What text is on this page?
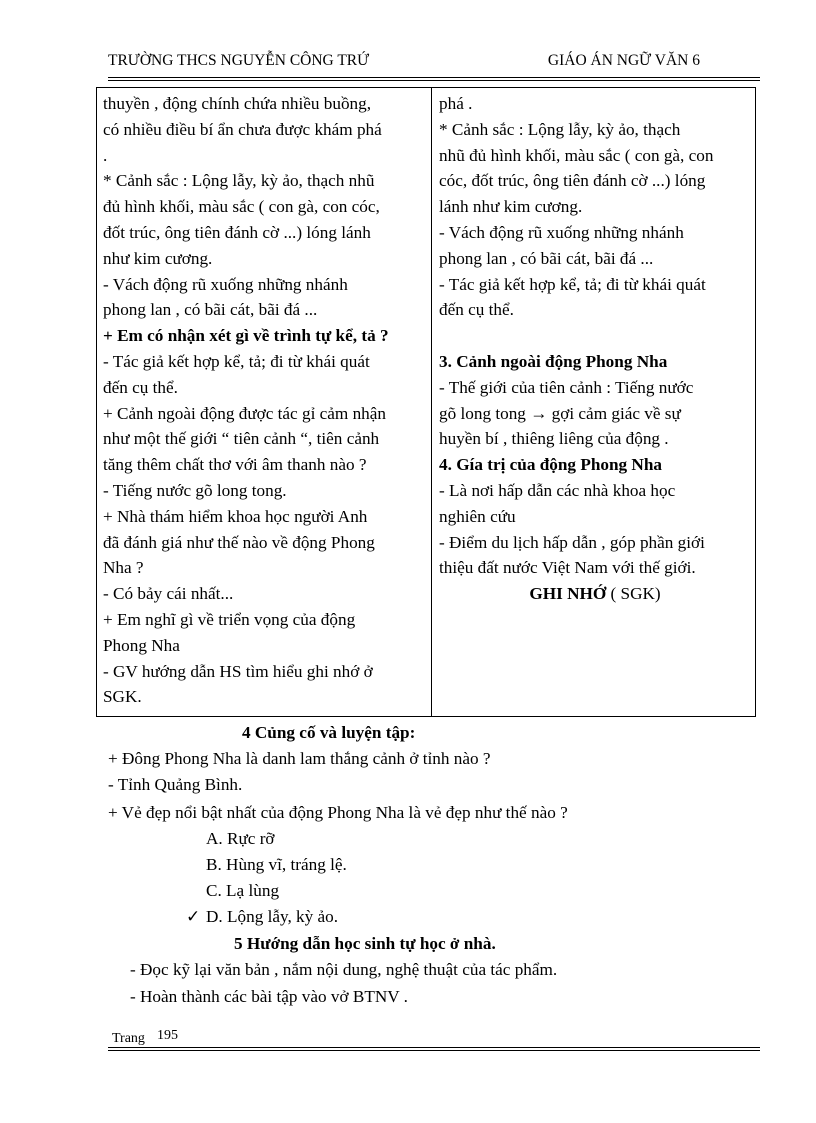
TRƯỜNG THCS NGUYỄN CÔNG TRỨ	GIÁO ÁN NGỮ VĂN 6
thuyền , động chính chứa nhiều buồng,
có nhiều điều bí ẩn chưa được khám phá
.
* Cảnh sắc : Lộng lẫy, kỳ ảo, thạch nhũ
đủ hình khối, màu sắc ( con gà, con cóc,
đốt trúc, ông tiên đánh cờ ...) lóng lánh
như kim cương.
- Vách động rũ xuống những nhánh
phong lan , có bãi cát, bãi đá ...
+ Em có nhận xét gì về trình tự kể, tả ?
- Tác giả kết hợp kể, tả; đi từ khái quát
đến cụ thể.
+ Cảnh ngoài động được tác gỉ cảm nhận
như một thế giới “ tiên cảnh “, tiên cảnh
tăng thêm chất thơ với âm thanh nào ?
- Tiếng nước gõ long tong.
+ Nhà thám hiểm khoa học người Anh
đã đánh giá như thế nào về động Phong
Nha ?
- Có bảy cái nhất...
+ Em nghĩ gì về triển vọng của động
Phong Nha
- GV hướng dẫn HS tìm hiểu ghi nhớ ở
SGK.
phá .
* Cảnh sắc : Lộng lẫy, kỳ ảo, thạch
nhũ đủ hình khối, màu sắc ( con gà, con
cóc, đốt trúc, ông tiên đánh cờ ...) lóng
lánh như kim cương.
- Vách động rũ xuống những nhánh
phong lan , có bãi cát, bãi đá ...
- Tác giả kết hợp kể, tả; đi từ khái quát
đến cụ thể.
3. Cảnh ngoài động Phong Nha
- Thế giới của tiên cảnh : Tiếng nước
gõ long tong → gợi cảm giác về sự
huyền bí , thiêng liêng của động .
4. Gía trị của động Phong Nha
- Là nơi hấp dẫn các nhà khoa học
nghiên cứu
- Điểm du lịch hấp dẫn , góp phần giới
thiệu đất nước Việt Nam với thế giới.
GHI NHỚ ( SGK)
4 Củng cố và luyện tập:
+ Đông Phong Nha là danh lam thắng cảnh ở tỉnh nào ?
- Tỉnh Quảng Bình.
+ Vẻ đẹp nổi bật nhất của động Phong Nha là vẻ đẹp như thế nào ?
A. Rực rỡ
B. Hùng vĩ, tráng lệ.
C. Lạ lùng
✓ D. Lộng lẫy, kỳ ảo.
5 Hướng dẫn học sinh tự học ở nhà.
- Đọc kỹ lại văn bản , nắm nội dung, nghệ thuật của tác phẩm.
- Hoàn thành các bài tập vào vở BTNV .
Trang 195
